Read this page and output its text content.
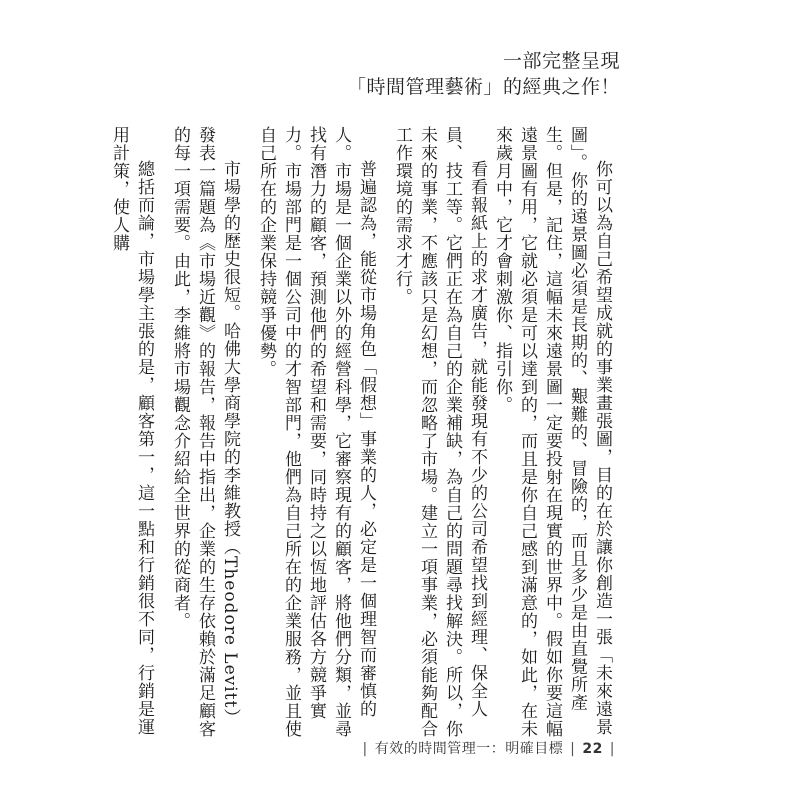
一部完整呈現
「時間管理藝術」的經典之作！

你可以為自己希望成就的事業畫張圖，目的在於讓你創造一張「未來遠景圖」。你的遠景圖必須是長期的、艱難的、冒險的，而且多少是由直覺所產生。但是，記住，這幅未來遠景圖一定要投射在現實的世界中。假如你要這幅遠景圖有用，它就必須是可以達到的，而且是你自己感到滿意的，如此，在未來歲月中，它才會刺激你、指引你。

看看報紙上的求才廣告，就能發現有不少的公司希望找到經理、保全人員、技工等。它們正在為自己的企業補缺，為自己的問題尋找解決。所以，你未來的事業，不應該只是幻想，而忽略了市場。建立一項事業，必須能夠配合工作環境的需求才行。

普遍認為，能從市場角色「假想」事業的人，必定是一個理智而審慎的人。市場是一個企業以外的經營科學，它審察現有的顧客，將他們分類，並尋找有潛力的顧客，預測他們的希望和需要，同時持之以恆地評估各方競爭實力。市場部門是一個公司中的才智部門，他們為自己所在的企業服務，並且使自己所在的企業保持競爭優勢。

市場學的歷史很短。哈佛大學商學院的李維教授（Theodore Levitt）發表一篇題為《市場近觀》的報告，報告中指出，企業的生存依賴於滿足顧客的每一項需要。由此，李維將市場觀念介紹給全世界的從商者。

總括而論，市場學主張的是，顧客第一，這一點和行銷很不同，行銷是運用計策，使人購

| 有效的時間管理一：明確目標 | 22 |
